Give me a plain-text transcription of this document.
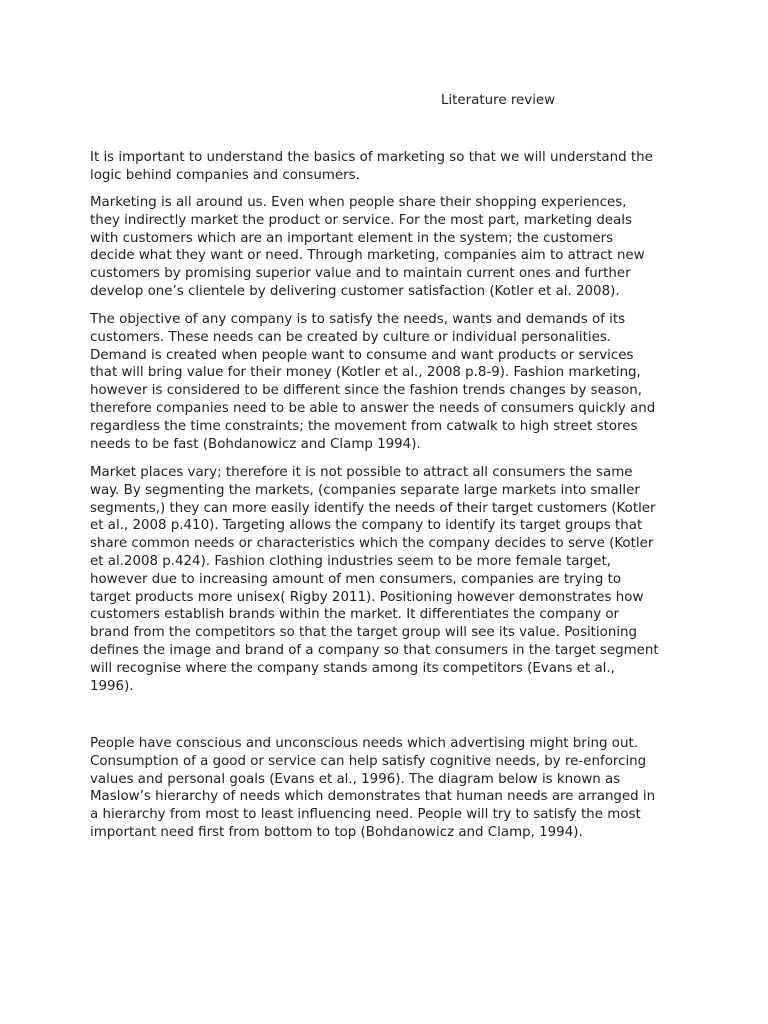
Literature review
It is important to understand the basics of marketing so that we will understand the
logic behind companies and consumers.
Marketing is all around us. Even when people share their shopping experiences,
they indirectly market the product or service. For the most part, marketing deals
with customers which are an important element in the system; the customers
decide what they want or need. Through marketing, companies aim to attract new
customers by promising superior value and to maintain current ones and further
develop one’s clientele by delivering customer satisfaction (Kotler et al. 2008).
The objective of any company is to satisfy the needs, wants and demands of its
customers. These needs can be created by culture or individual personalities.
Demand is created when people want to consume and want products or services
that will bring value for their money (Kotler et al., 2008 p.8-9). Fashion marketing,
however is considered to be different since the fashion trends changes by season,
therefore companies need to be able to answer the needs of consumers quickly and
regardless the time constraints; the movement from catwalk to high street stores
needs to be fast (Bohdanowicz and Clamp 1994).
Market places vary; therefore it is not possible to attract all consumers the same
way. By segmenting the markets, (companies separate large markets into smaller
segments,) they can more easily identify the needs of their target customers (Kotler
et al., 2008 p.410). Targeting allows the company to identify its target groups that
share common needs or characteristics which the company decides to serve (Kotler
et al.2008 p.424). Fashion clothing industries seem to be more female target,
however due to increasing amount of men consumers, companies are trying to
target products more unisex( Rigby 2011). Positioning however demonstrates how
customers establish brands within the market. It differentiates the company or
brand from the competitors so that the target group will see its value. Positioning
defines the image and brand of a company so that consumers in the target segment
will recognise where the company stands among its competitors (Evans et al.,
1996).
People have conscious and unconscious needs which advertising might bring out.
Consumption of a good or service can help satisfy cognitive needs, by re-enforcing
values and personal goals (Evans et al., 1996). The diagram below is known as
Maslow’s hierarchy of needs which demonstrates that human needs are arranged in
a hierarchy from most to least influencing need. People will try to satisfy the most
important need first from bottom to top (Bohdanowicz and Clamp, 1994).
